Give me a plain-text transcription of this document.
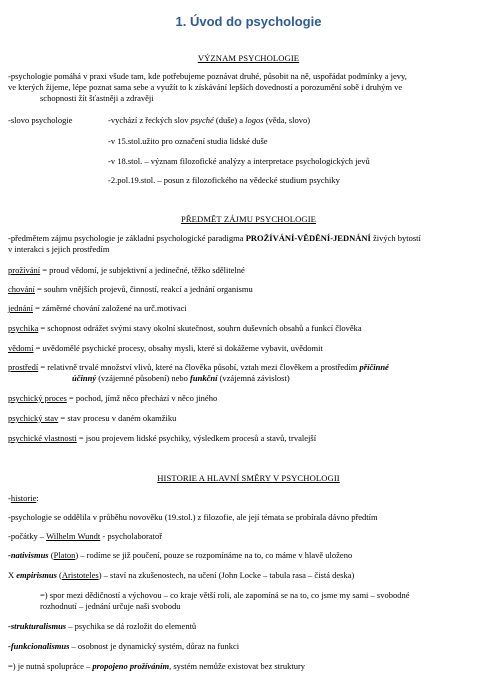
1. Úvod do psychologie
VÝZNAM PSYCHOLOGIE
-psychologie pomáhá v praxi všude tam, kde potřebujeme poznávat druhé, působit na ně, uspořádat podmínky a jevy,
ve kterých žijeme, lépe poznat sama sebe a využít to k získávání lepších dovedností a porozumění sobě i druhým ve
schopnosti žít šťastněji a zdravěji
-slovo psychologie	-vychází z řeckých slov psyché (duše) a logos (věda, slovo)
-v 15.stol.užito pro označení studia lidské duše
-v 18.stol. – význam filozofické analýzy a interpretace psychologických jevů
-2.pol.19.stol. – posun z filozofického na vědecké studium psychiky
PŘEDMĚT ZÁJMU PSYCHOLOGIE
-předmětem zájmu psychologie je základní psychologické paradigma PROŽÍVÁNÍ-VĚDĚNÍ-JEDNÁNÍ živých bytostí
v interakci s jejich prostředím
prožívání = proud vědomí, je subjektivní a jedinečné, těžko sdělitelné
chování = souhrn vnějších projevů, činností, reakcí a jednání organismu
jednání = záměrné chování založené na urč.motivaci
psychika = schopnost odrážet svými stavy okolní skutečnost, souhrn duševních obsahů a funkcí člověka
vědomí = uvědomělé psychické procesy, obsahy mysli, které si dokážeme vybavit, uvědomit
prostředí = relativně trvalé množství vlivů, které na člověka působí, vztah mezi člověkem a prostředím příčinné
účinný (vzájemné působení) nebo funkční (vzájemná závislost)
psychický proces = pochod, jímž něco přechází v něco jiného
psychický stav = stav procesu v daném okamžiku
psychické vlastnosti = jsou projevem lidské psychiky, výsledkem procesů a stavů, trvalejší
HISTORIE A HLAVNÍ SMĚRY V PSYCHOLOGII
-historie:
-psychologie se oddělila v průběhu novověku (19.stol.) z filozofie, ale její témata se probírala dávno předtím
-počátky – Wilhelm Wundt - psycholaboratoř
-nativismus (Platon) – rodíme se již poučení, pouze se rozpomínáme na to, co máme v hlavě uloženo
X empirismus (Aristoteles) – staví na zkušenostech, na učení (John Locke – tabula rasa – čistá deska)
=) spor mezi dědičností a výchovou – co kraje větší roli, ale zapomíná se na to, co jsme my sami – svobodné
rozhodnutí – jednání určuje naši svobodu
-strukturalismus – psychika se dá rozložit do elementů
-funkcionalismus – osobnost je dynamický systém, důraz na funkci
=) je nutná spolupráce – propojeno prožíváním, systém nemůže existovat bez struktury
